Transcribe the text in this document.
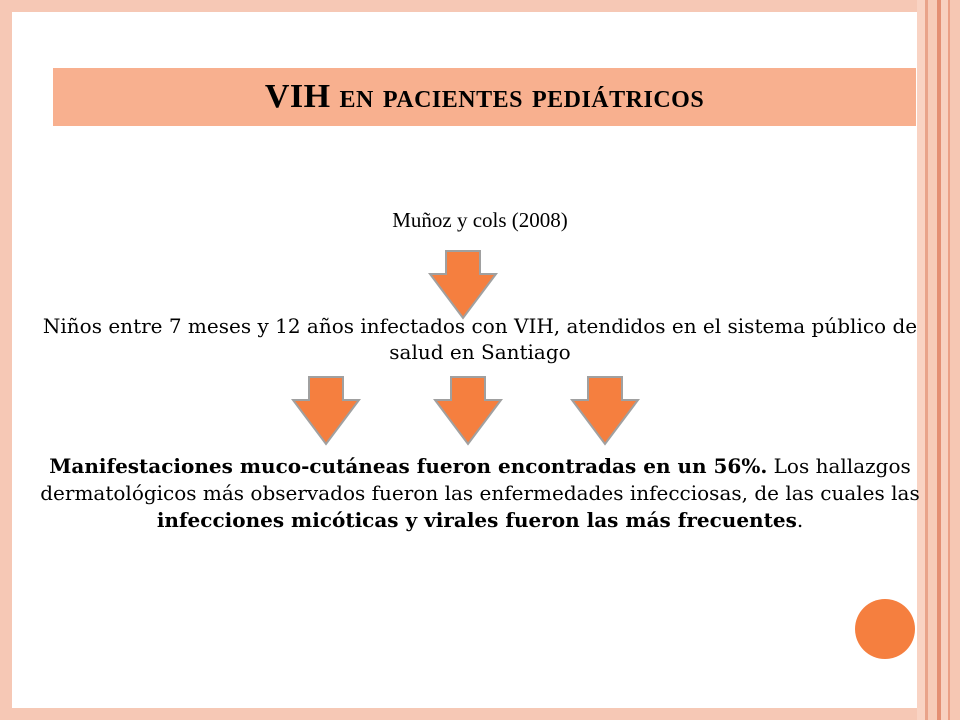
VIH en pacientes pediátricos
Muñoz y cols (2008)
Niños entre 7 meses y 12 años infectados con VIH, atendidos en el sistema público de salud en Santiago
Manifestaciones muco-cutáneas fueron encontradas en un 56%. Los hallazgos dermatológicos más observados fueron las enfermedades infecciosas, de las cuales las infecciones micóticas y virales fueron las más frecuentes.
